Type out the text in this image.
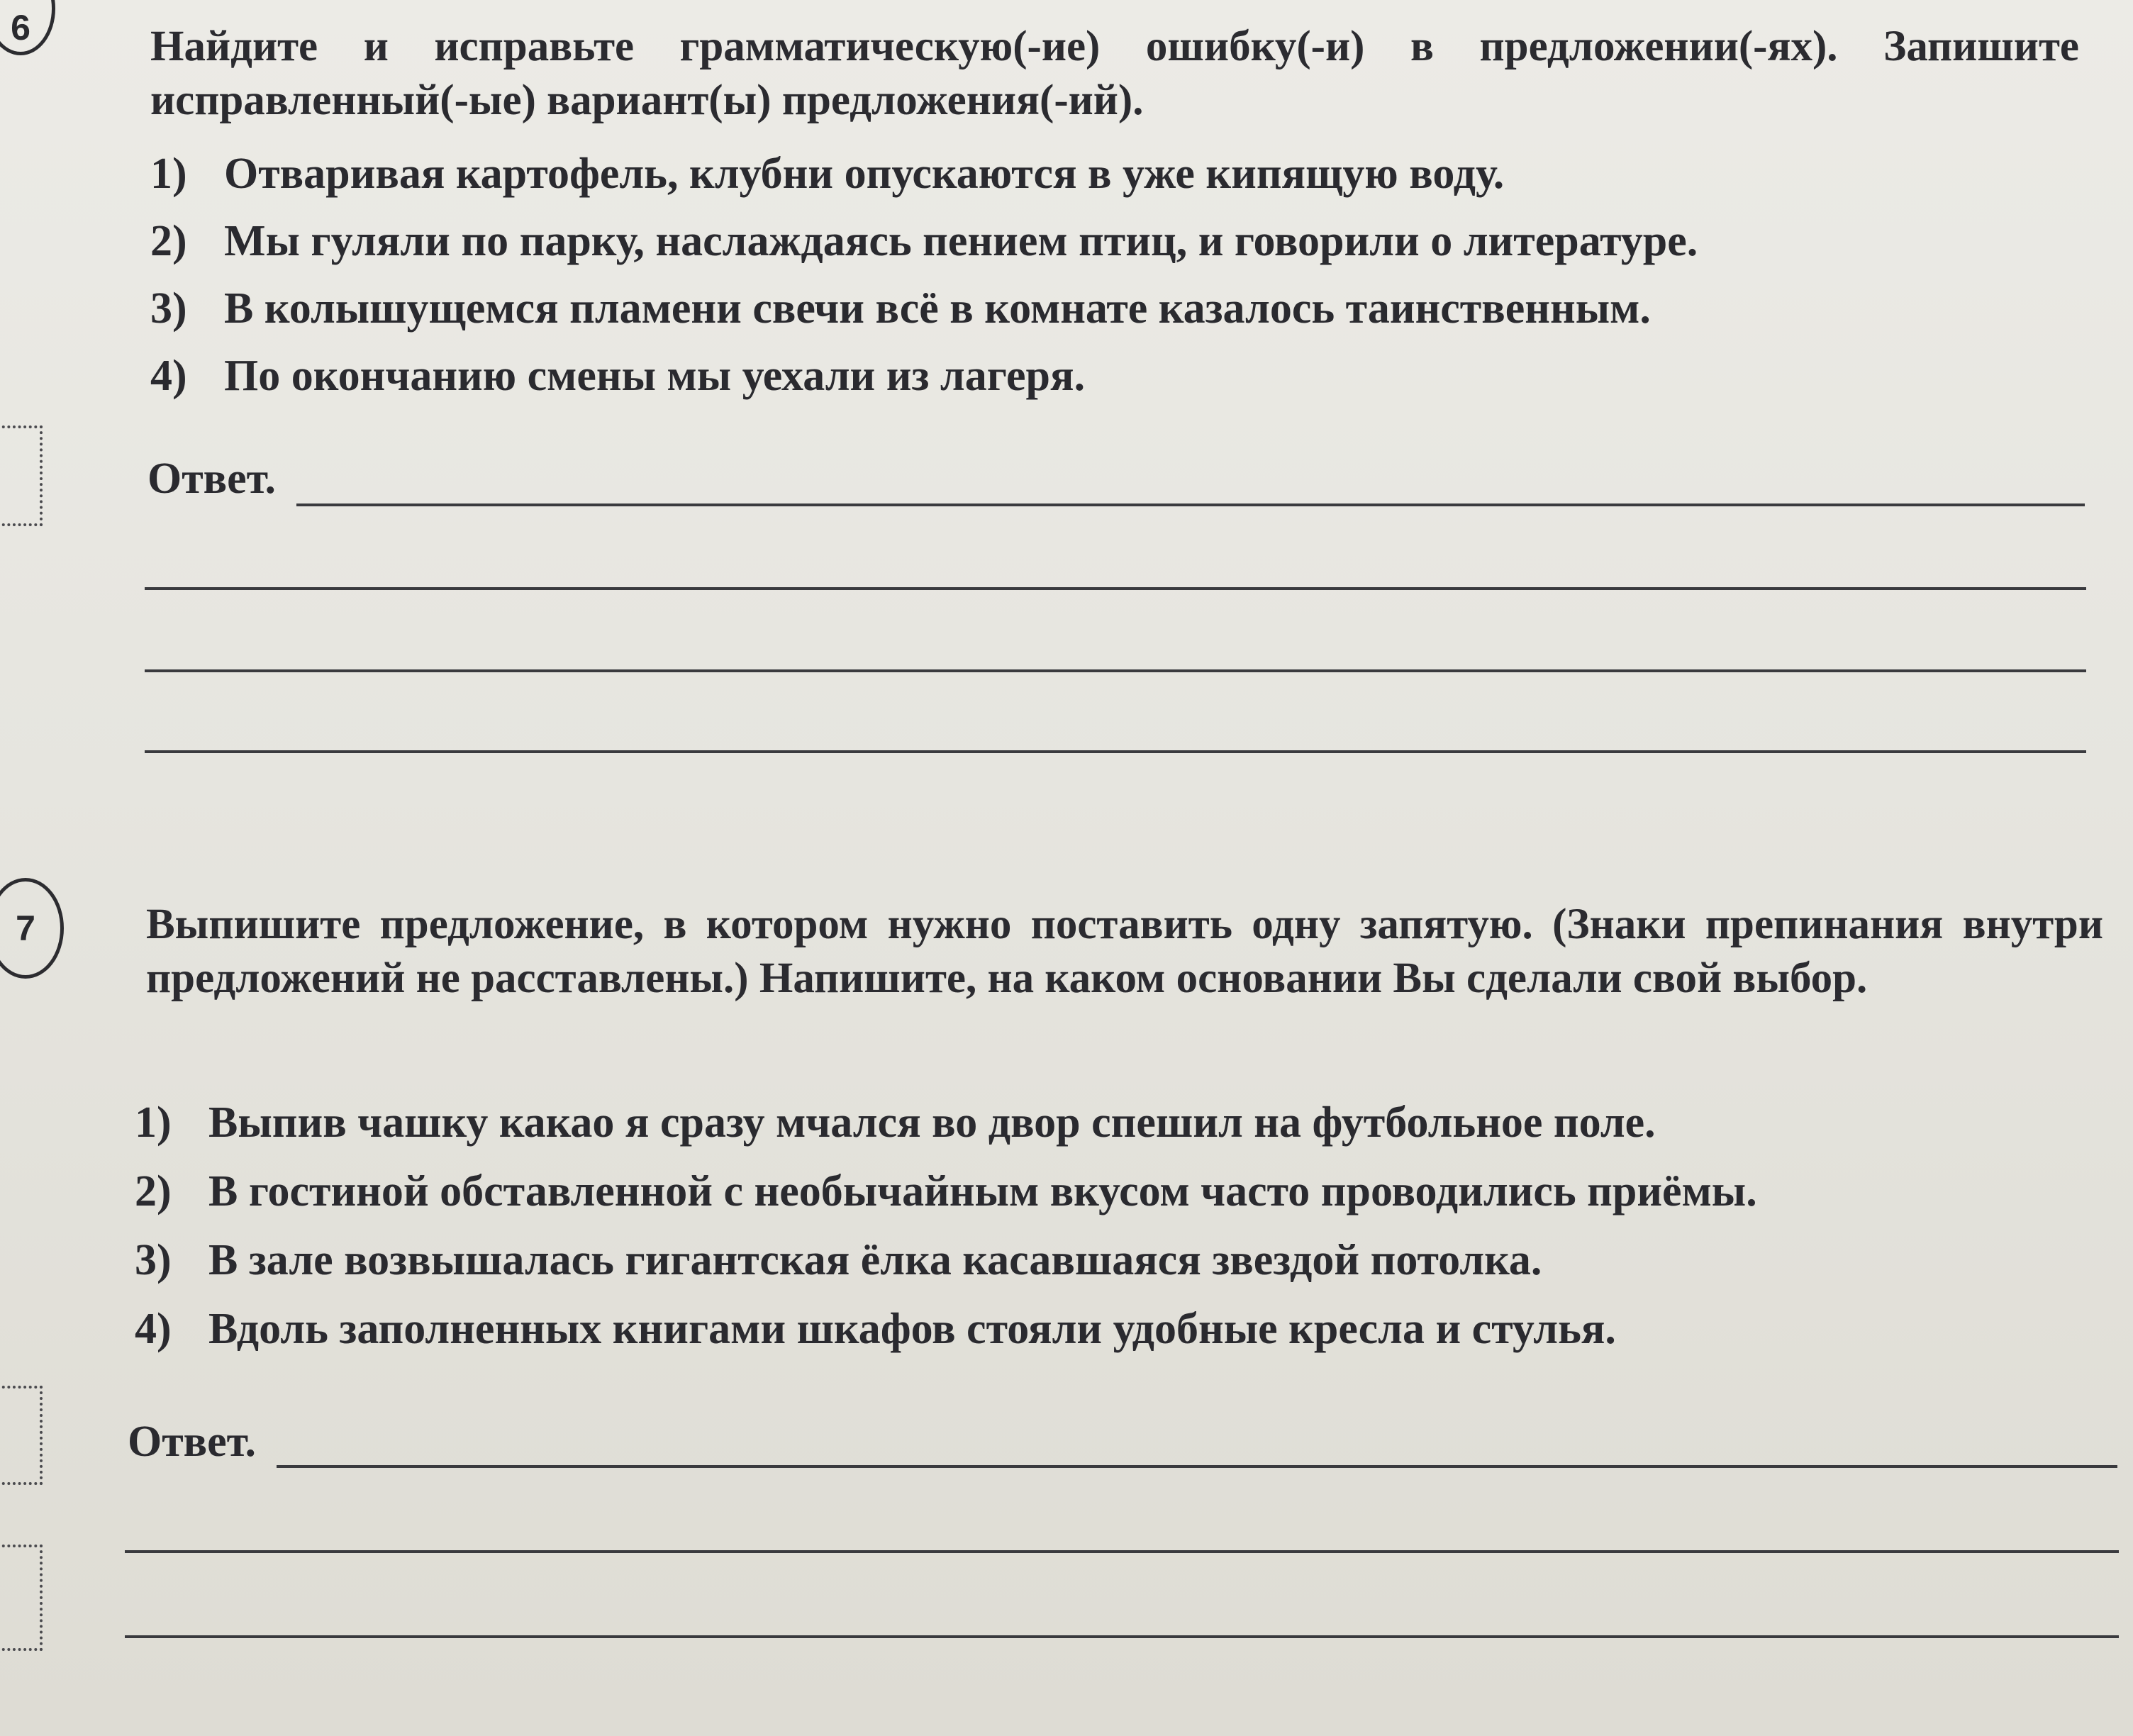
6	Найдите и исправьте грамматическую(-ие) ошибку(-и) в предложении(-ях). Запишите исправленный(-ые) вариант(ы) предложения(-ий).
1) Отваривая картофель, клубни опускаются в уже кипящую воду.
2) Мы гуляли по парку, наслаждаясь пением птиц, и говорили о литературе.
3) В колышущемся пламени свечи всё в комнате казалось таинственным.
4) По окончанию смены мы уехали из лагеря.
Ответ.
7	Выпишите предложение, в котором нужно поставить одну запятую. (Знаки препинания внутри предложений не расставлены.) Напишите, на каком основании Вы сделали свой выбор.
1) Выпив чашку какао я сразу мчался во двор спешил на футбольное поле.
2) В гостиной обставленной с необычайным вкусом часто проводились приёмы.
3) В зале возвышалась гигантская ёлка касавшаяся звездой потолка.
4) Вдоль заполненных книгами шкафов стояли удобные кресла и стулья.
Ответ.
